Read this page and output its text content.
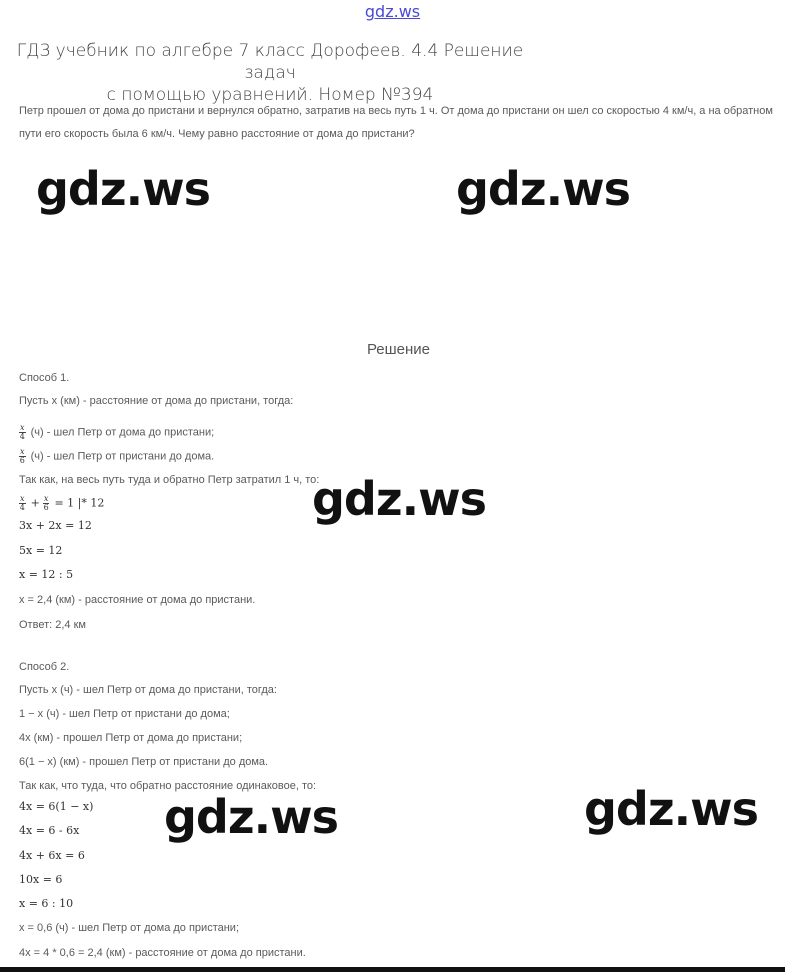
gdz.ws
ГДЗ учебник по алгебре 7 класс Дорофеев. 4.4 Решение задач
с помощью уравнений. Номер №394
Петр прошел от дома до пристани и вернулся обратно, затратив на весь путь 1 ч. От дома до пристани он шел со скоростью 4 км/ч, а на обратном пути его скорость была 6 км/ч. Чему равно расстояние от дома до пристани?
gdz.ws	gdz.ws
gdz.ws
gdz.ws
gdz.ws
Решение
Способ 1.
Пусть x (км) - расстояние от дома до пристани, тогда:
$\frac{x}{4} (ч)$ - шел Петр от дома до пристани;
$\frac{x}{6} (ч)$ - шел Петр от пристани до дома.
Так как, на весь путь туда и обратно Петр затратил 1 ч, то:
$\frac{x}{4} + \frac{x}{6} = 1$ |* 12
3x + 2x = 12
5x = 12
x = 12 : 5
x = 2,4 (км) - расстояние от дома до пристани.
Ответ: 2,4 км
Способ 2.
Пусть x (ч) - шел Петр от дома до пристани, тогда:
1 − x (ч) - шел Петр от пристани до дома;
4x (км) - прошел Петр от дома до пристани;
6(1 − x) (км) - прошел Петр от пристани до дома.
Так как, что туда, что обратно расстояние одинаковое, то:
4x = 6(1 − x)
4x = 6 - 6x
4x + 6x = 6
10x = 6
x = 6 : 10
x = 0,6 (ч) - шел Петр от дома до пристани;
4x = 4 * 0,6 = 2,4 (км) - расстояние от дома до пристани.
